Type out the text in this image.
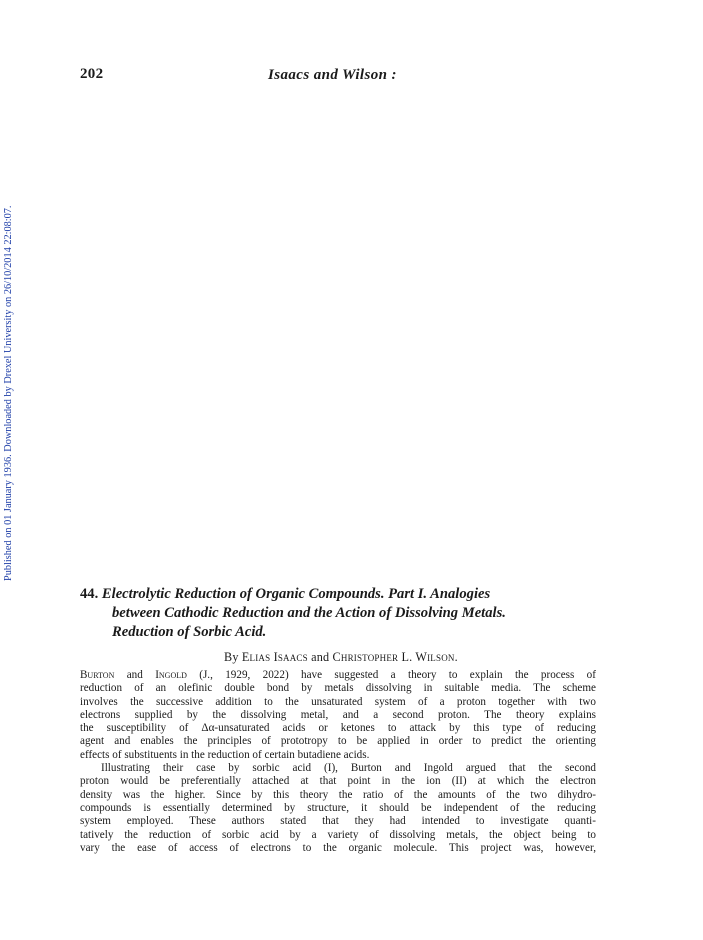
202	Isaacs and Wilson :
Published on 01 January 1936. Downloaded by Drexel University on 26/10/2014 22:08:07.
44. Electrolytic Reduction of Organic Compounds. Part I. Analogies
between Cathodic Reduction and the Action of Dissolving Metals.
Reduction of Sorbic Acid.
By Elias Isaacs and Christopher L. Wilson.
Burton and Ingold (J., 1929, 2022) have suggested a theory to explain the process of
reduction of an olefinic double bond by metals dissolving in suitable media. The scheme
involves the successive addition to the unsaturated system of a proton together with two
electrons supplied by the dissolving metal, and a second proton. The theory explains
the susceptibility of Δα-unsaturated acids or ketones to attack by this type of reducing
agent and enables the principles of prototropy to be applied in order to predict the orienting
effects of substituents in the reduction of certain butadiene acids.
Illustrating their case by sorbic acid (I), Burton and Ingold argued that the second
proton would be preferentially attached at that point in the ion (II) at which the electron
density was the higher. Since by this theory the ratio of the amounts of the two dihydro-
compounds is essentially determined by structure, it should be independent of the reducing
system employed. These authors stated that they had intended to investigate quanti-
tatively the reduction of sorbic acid by a variety of dissolving metals, the object being to
vary the ease of access of electrons to the organic molecule. This project was, however,
